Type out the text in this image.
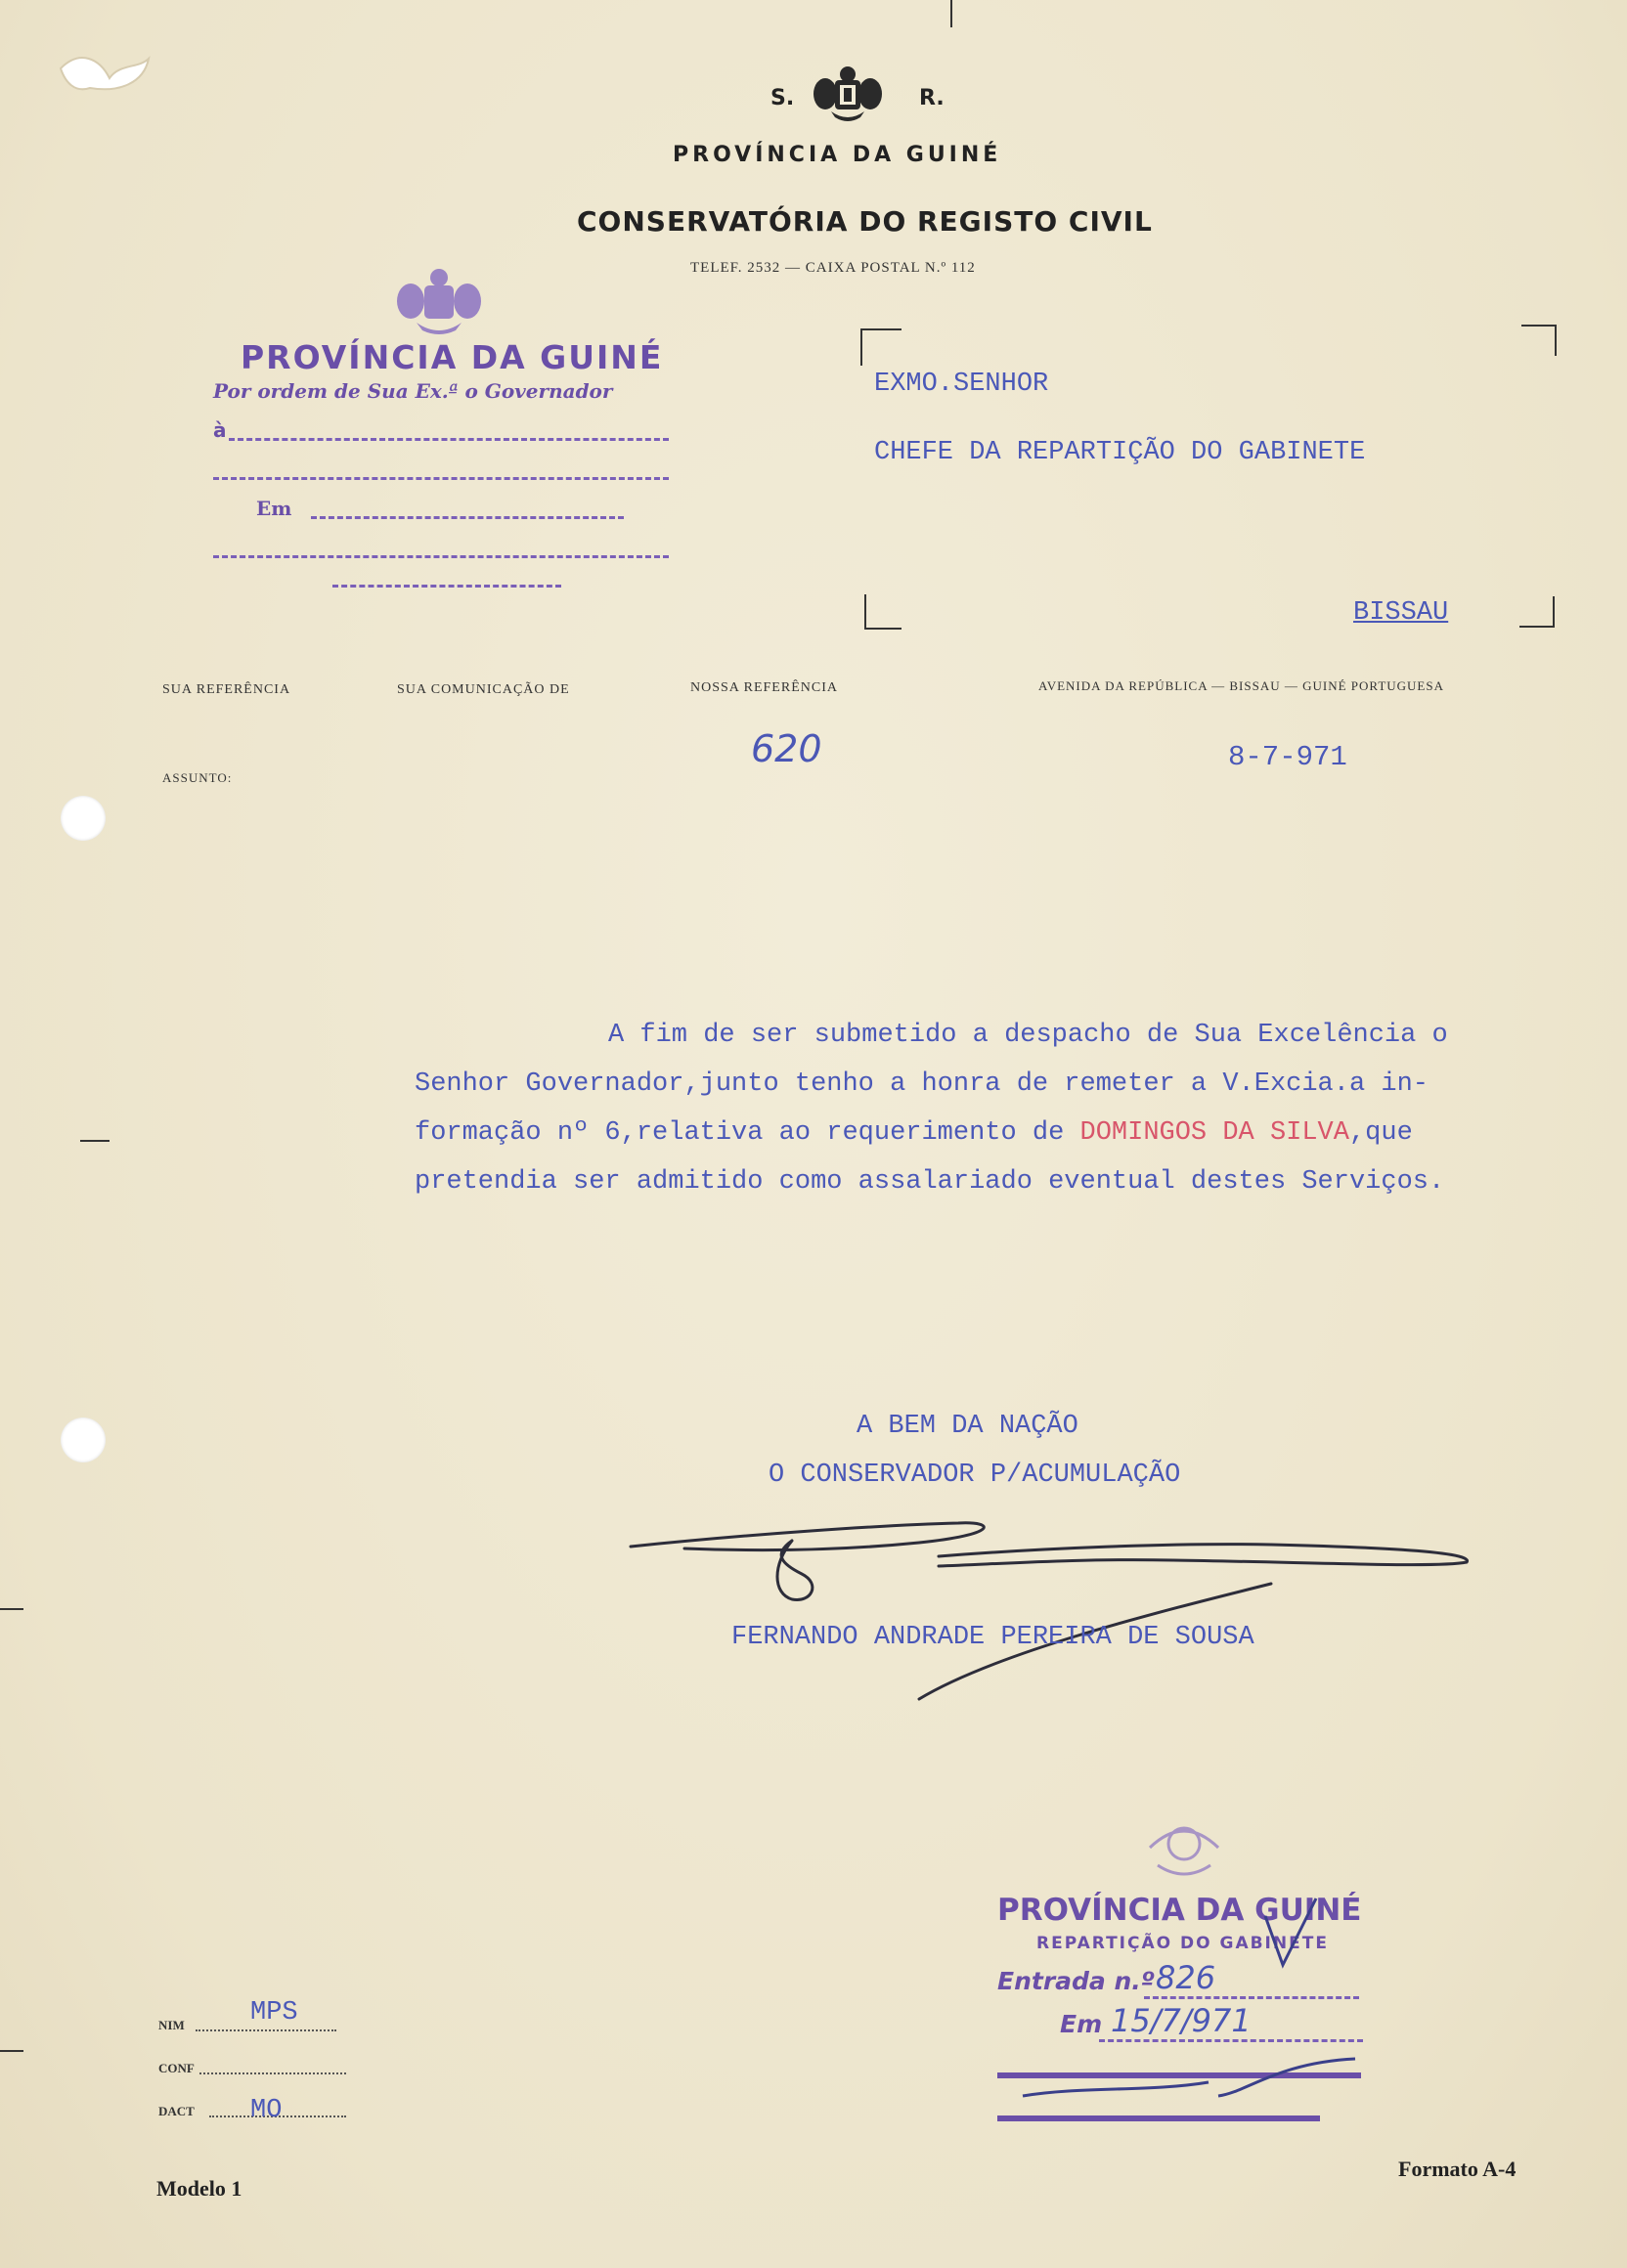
S.	R.
PROVÍNCIA DA GUINÉ
CONSERVATÓRIA DO REGISTO CIVIL
TELEF. 2532 — CAIXA POSTAL N.º 112
PROVÍNCIA DA GUINÉ
Por ordem de Sua Ex.ª o Governador
à
Em
EXMO.SENHOR
CHEFE DA REPARTIÇÃO DO GABINETE
BISSAU
SUA REFERÊNCIA	SUA COMUNICAÇÃO DE	NOSSA REFERÊNCIA	AVENIDA DA REPÚBLICA — BISSAU — GUINÉ PORTUGUESA
ASSUNTO:
620	8-7-971
A fim de ser submetido a despacho de Sua Excelência o
Senhor Governador,junto tenho a honra de remeter a V.Excia.a in-
formação nº 6,relativa ao requerimento de DOMINGOS DA SILVA,que
pretendia ser admitido como assalariado eventual destes Serviços.
A BEM DA NAÇÃO
O CONSERVADOR P/ACUMULAÇÃO
FERNANDO ANDRADE PEREIRA DE SOUSA
PROVÍNCIA DA GUINÉ
REPARTIÇÃO DO GABINETE
Entrada n.º 826
Em 15/7/971
NIM MPS
CONF
DACT MO
Modelo 1
Formato A-4
